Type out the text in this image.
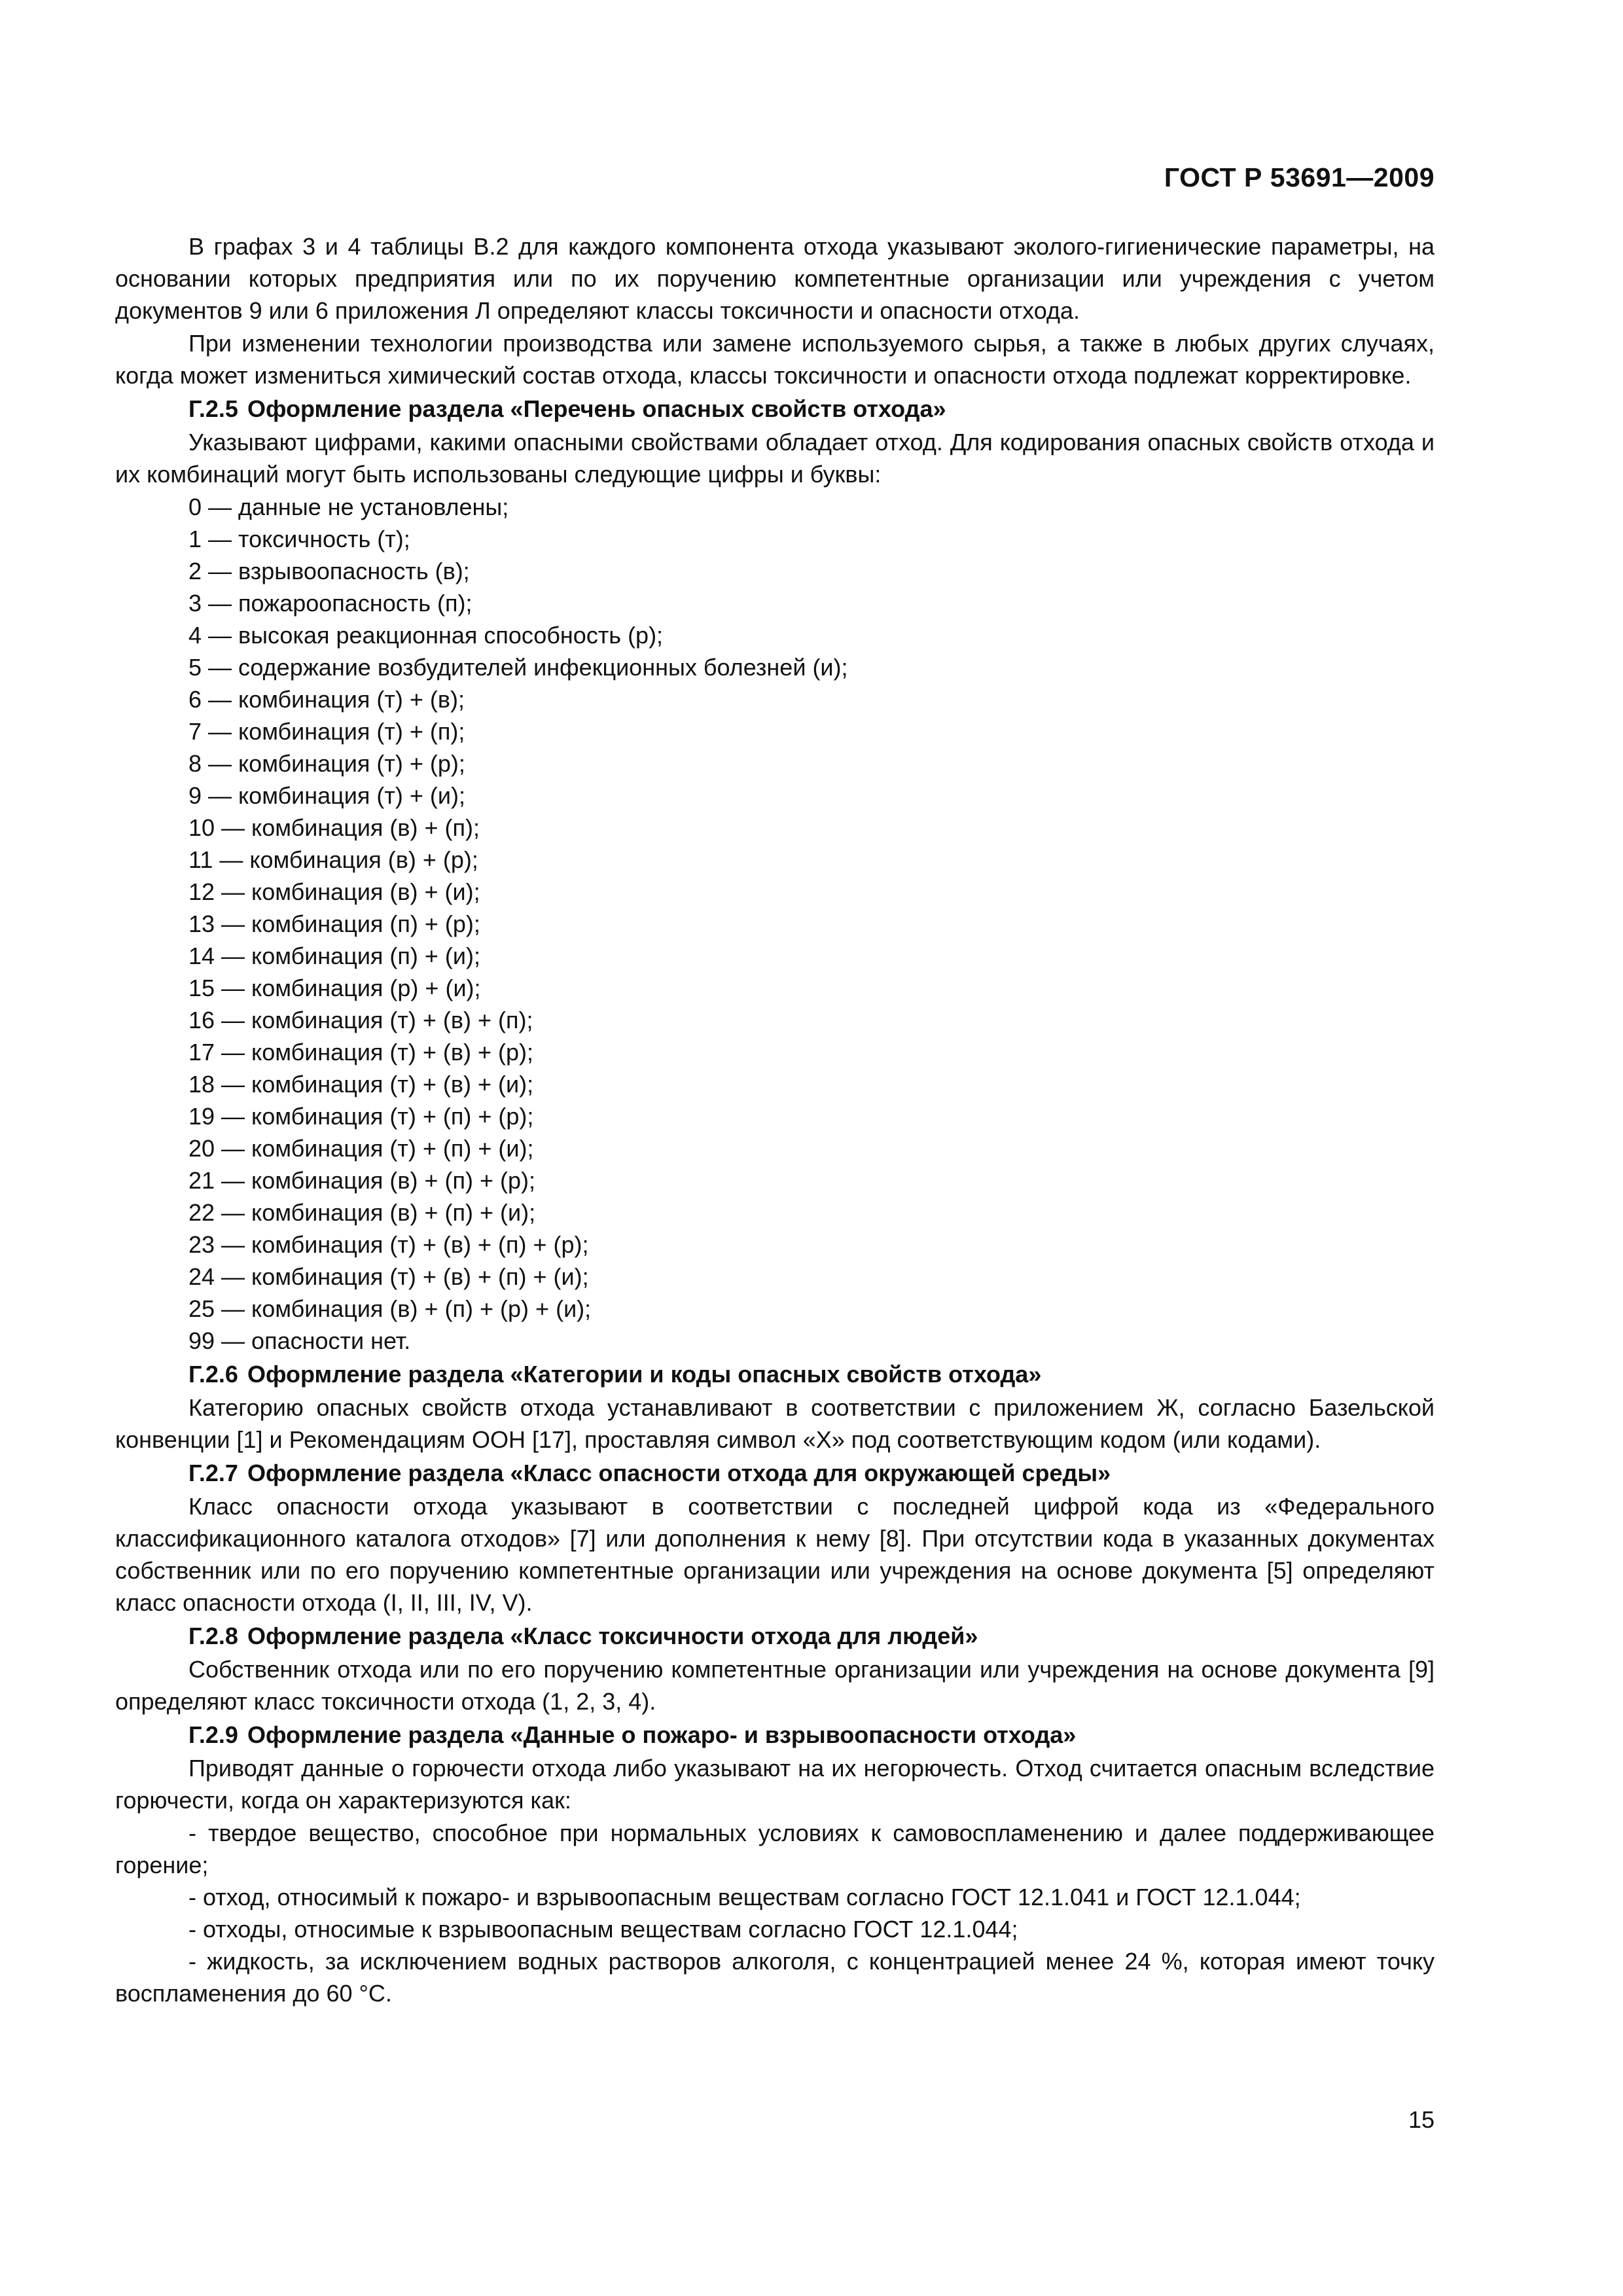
ГОСТ Р 53691—2009

В графах 3 и 4 таблицы В.2 для каждого компонента отхода указывают эколого-гигиенические параметры, на основании которых предприятия или по их поручению компетентные организации или учреждения с учетом документов 9 или 6 приложения Л определяют классы токсичности и опасности отхода.

При изменении технологии производства или замене используемого сырья, а также в любых других случаях, когда может измениться химический состав отхода, классы токсичности и опасности отхода подлежат корректировке.

Г.2.5 Оформление раздела «Перечень опасных свойств отхода»

Указывают цифрами, какими опасными свойствами обладает отход. Для кодирования опасных свойств отхода и их комбинаций могут быть использованы следующие цифры и буквы:

0 — данные не установлены;
1 — токсичность (т);
2 — взрывоопасность (в);
3 — пожароопасность (п);
4 — высокая реакционная способность (р);
5 — содержание возбудителей инфекционных болезней (и);
6 — комбинация (т) + (в);
7 — комбинация (т) + (п);
8 — комбинация (т) + (р);
9 — комбинация (т) + (и);
10 — комбинация (в) + (п);
11 — комбинация (в) + (р);
12 — комбинация (в) + (и);
13 — комбинация (п) + (р);
14 — комбинация (п) + (и);
15 — комбинация (р) + (и);
16 — комбинация (т) + (в) + (п);
17 — комбинация (т) + (в) + (р);
18 — комбинация (т) + (в) + (и);
19 — комбинация (т) + (п) + (р);
20 — комбинация (т) + (п) + (и);
21 — комбинация (в) + (п) + (р);
22 — комбинация (в) + (п) + (и);
23 — комбинация (т) + (в) + (п) + (р);
24 — комбинация (т) + (в) + (п) + (и);
25 — комбинация (в) + (п) + (р) + (и);
99 — опасности нет.
Г.2.6 Оформление раздела «Категории и коды опасных свойств отхода»

Категорию опасных свойств отхода устанавливают в соответствии с приложением Ж, согласно Базельской конвенции [1] и Рекомендациям ООН [17], проставляя символ «Х» под соответствующим кодом (или кодами).

Г.2.7 Оформление раздела «Класс опасности отхода для окружающей среды»

Класс опасности отхода указывают в соответствии с последней цифрой кода из «Федерального классификационного каталога отходов» [7] или дополнения к нему [8]. При отсутствии кода в указанных документах собственник или по его поручению компетентные организации или учреждения на основе документа [5] определяют класс опасности отхода (I, II, III, IV, V).

Г.2.8 Оформление раздела «Класс токсичности отхода для людей»

Собственник отхода или по его поручению компетентные организации или учреждения на основе документа [9] определяют класс токсичности отхода (1, 2, 3, 4).

Г.2.9 Оформление раздела «Данные о пожаро- и взрывоопасности отхода»

Приводят данные о горючести отхода либо указывают на их негорючесть. Отход считается опасным вследствие горючести, когда он характеризуются как:

- твердое вещество, способное при нормальных условиях к самовоспламенению и далее поддерживающее горение;

- отход, относимый к пожаро- и взрывоопасным веществам согласно ГОСТ 12.1.041 и ГОСТ 12.1.044;

- отходы, относимые к взрывоопасным веществам согласно ГОСТ 12.1.044;

- жидкость, за исключением водных растворов алкоголя, с концентрацией менее 24 %, которая имеют точку воспламенения до 60 °С.

15
